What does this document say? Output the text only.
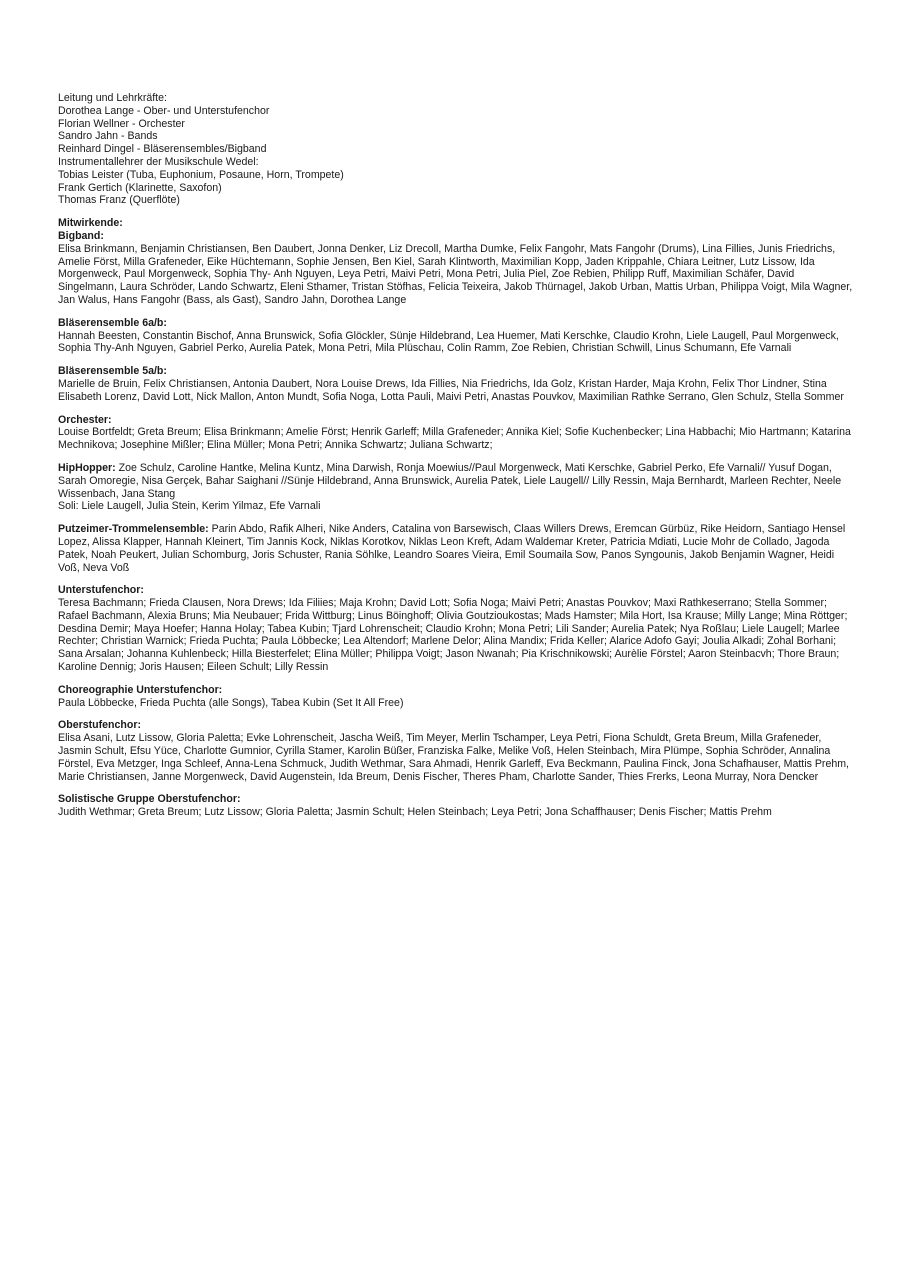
Leitung und Lehrkräfte:
Dorothea Lange - Ober- und Unterstufenchor
Florian Wellner - Orchester
Sandro Jahn - Bands
Reinhard Dingel - Bläserensembles/Bigband
Instrumentallehrer der Musikschule Wedel:
Tobias Leister (Tuba, Euphonium, Posaune, Horn, Trompete)
Frank Gertich (Klarinette, Saxofon)
Thomas Franz (Querflöte)
Mitwirkende:
Bigband:
Elisa Brinkmann, Benjamin Christiansen, Ben Daubert, Jonna Denker, Liz Drecoll, Martha Dumke, Felix Fangohr, Mats Fangohr (Drums), Lina Fillies, Junis Friedrichs, Amelie Först, Milla Grafeneder, Eike Hüchtemann, Sophie Jensen, Ben Kiel, Sarah Klintworth, Maximilian Kopp, Jaden Krippahle, Chiara Leitner, Lutz Lissow, Ida Morgenweck, Paul Morgenweck, Sophia Thy- Anh Nguyen, Leya Petri, Maivi Petri, Mona Petri, Julia Piel, Zoe Rebien, Philipp Ruff, Maximilian Schäfer, David Singelmann, Laura Schröder, Lando Schwartz, Eleni Sthamer, Tristan Stöfhas, Felicia Teixeira, Jakob Thürnagel, Jakob Urban, Mattis Urban, Philippa Voigt, Mila Wagner, Jan Walus, Hans Fangohr (Bass, als Gast), Sandro Jahn, Dorothea Lange
Bläserensemble 6a/b:
Hannah Beesten, Constantin Bischof, Anna Brunswick, Sofia Glöckler, Sünje Hildebrand, Lea Huemer, Mati Kerschke, Claudio Krohn, Liele Laugell, Paul Morgenweck, Sophia Thy-Anh Nguyen, Gabriel Perko, Aurelia Patek, Mona Petri, Mila Plüschau, Colin Ramm, Zoe Rebien, Christian Schwill, Linus Schumann, Efe Varnali
Bläserensemble 5a/b:
Marielle de Bruin, Felix Christiansen, Antonia Daubert, Nora Louise Drews, Ida Fillies, Nia Friedrichs, Ida Golz, Kristan Harder, Maja Krohn, Felix Thor Lindner, Stina Elisabeth Lorenz, David Lott, Nick Mallon, Anton Mundt, Sofia Noga, Lotta Pauli, Maivi Petri, Anastas Pouvkov, Maximilian Rathke Serrano, Glen Schulz, Stella Sommer
Orchester:
Louise Bortfeldt; Greta Breum; Elisa Brinkmann; Amelie Först; Henrik Garleff; Milla Grafeneder; Annika Kiel; Sofie Kuchenbecker; Lina Habbachi; Mio Hartmann; Katarina Mechnikova; Josephine Mißler; Elina Müller; Mona Petri; Annika Schwartz; Juliana Schwartz;
HipHopper: Zoe Schulz, Caroline Hantke, Melina Kuntz, Mina Darwish, Ronja Moewius//Paul Morgenweck, Mati Kerschke, Gabriel Perko, Efe Varnali// Yusuf Dogan, Sarah Omoregie, Nisa Gerçek, Bahar Saighani //Sünje Hildebrand, Anna Brunswick, Aurelia Patek, Liele Laugell// Lilly Ressin, Maja Bernhardt, Marleen Rechter, Neele Wissenbach, Jana Stang
Soli: Liele Laugell, Julia Stein, Kerim Yilmaz, Efe Varnali
Putzeimer-Trommelensemble: Parin Abdo, Rafik Alheri, Nike Anders, Catalina von Barsewisch, Claas Willers Drews, Eremcan Gürbüz, Rike Heidorn, Santiago Hensel Lopez, Alissa Klapper, Hannah Kleinert, Tim Jannis Kock, Niklas Korotkov, Niklas Leon Kreft, Adam Waldemar Kreter, Patricia Mdiati, Lucie Mohr de Collado, Jagoda Patek, Noah Peukert, Julian Schomburg, Joris Schuster, Rania Söhlke, Leandro Soares Vieira, Emil Soumaila Sow, Panos Syngounis, Jakob Benjamin Wagner, Heidi Voß, Neva Voß
Unterstufenchor:
Teresa Bachmann; Frieda Clausen, Nora Drews; Ida Filiies; Maja Krohn; David Lott; Sofia Noga; Maivi Petri; Anastas Pouvkov; Maxi Rathkeserrano; Stella Sommer; Rafael Bachmann, Alexia Bruns; Mia Neubauer; Frida Wittburg; Linus Böinghoff; Olivia Goutzioukostas; Mads Hamster; Mila Hort, Isa Krause; Milly Lange; Mina Röttger; Desdina Demir; Maya Hoefer; Hanna Holay; Tabea Kubin; Tjard Lohrenscheit; Claudio Krohn; Mona Petri; Lili Sander; Aurelia Patek; Nya Roßlau; Liele Laugell; Marlee Rechter; Christian Warnick; Frieda Puchta; Paula Löbbecke; Lea Altendorf; Marlene Delor; Alina Mandix; Frida Keller; Alarice Adofo Gayi; Joulia Alkadi; Zohal Borhani; Sana Arsalan; Johanna Kuhlenbeck; Hilla Biesterfelet; Elina Müller; Philippa Voigt; Jason Nwanah; Pia Krischnikowski; Aurèlie Förstel; Aaron Steinbacvh; Thore Braun; Karoline Dennig; Joris Hausen; Eileen Schult; Lilly Ressin
Choreographie Unterstufenchor:
Paula Löbbecke, Frieda Puchta (alle Songs), Tabea Kubin (Set It All Free)
Oberstufenchor:
Elisa Asani, Lutz Lissow, Gloria Paletta; Evke Lohrenscheit, Jascha Weiß, Tim Meyer, Merlin Tschamper, Leya Petri, Fiona Schuldt, Greta Breum, Milla Grafeneder, Jasmin Schult, Efsu Yüce, Charlotte Gumnior, Cyrilla Stamer, Karolin Büßer, Franziska Falke, Melike Voß, Helen Steinbach, Mira Plümpe, Sophia Schröder, Annalina Förstel, Eva Metzger, Inga Schleef, Anna-Lena Schmuck, Judith Wethmar, Sara Ahmadi, Henrik Garleff, Eva Beckmann, Paulina Finck, Jona Schafhauser, Mattis Prehm, Marie Christiansen, Janne Morgenweck, David Augenstein, Ida Breum, Denis Fischer, Theres Pham, Charlotte Sander, Thies Frerks, Leona Murray, Nora Dencker
Solistische Gruppe Oberstufenchor:
Judith Wethmar; Greta Breum; Lutz Lissow; Gloria Paletta; Jasmin Schult; Helen Steinbach; Leya Petri; Jona Schaffhauser; Denis Fischer; Mattis Prehm
